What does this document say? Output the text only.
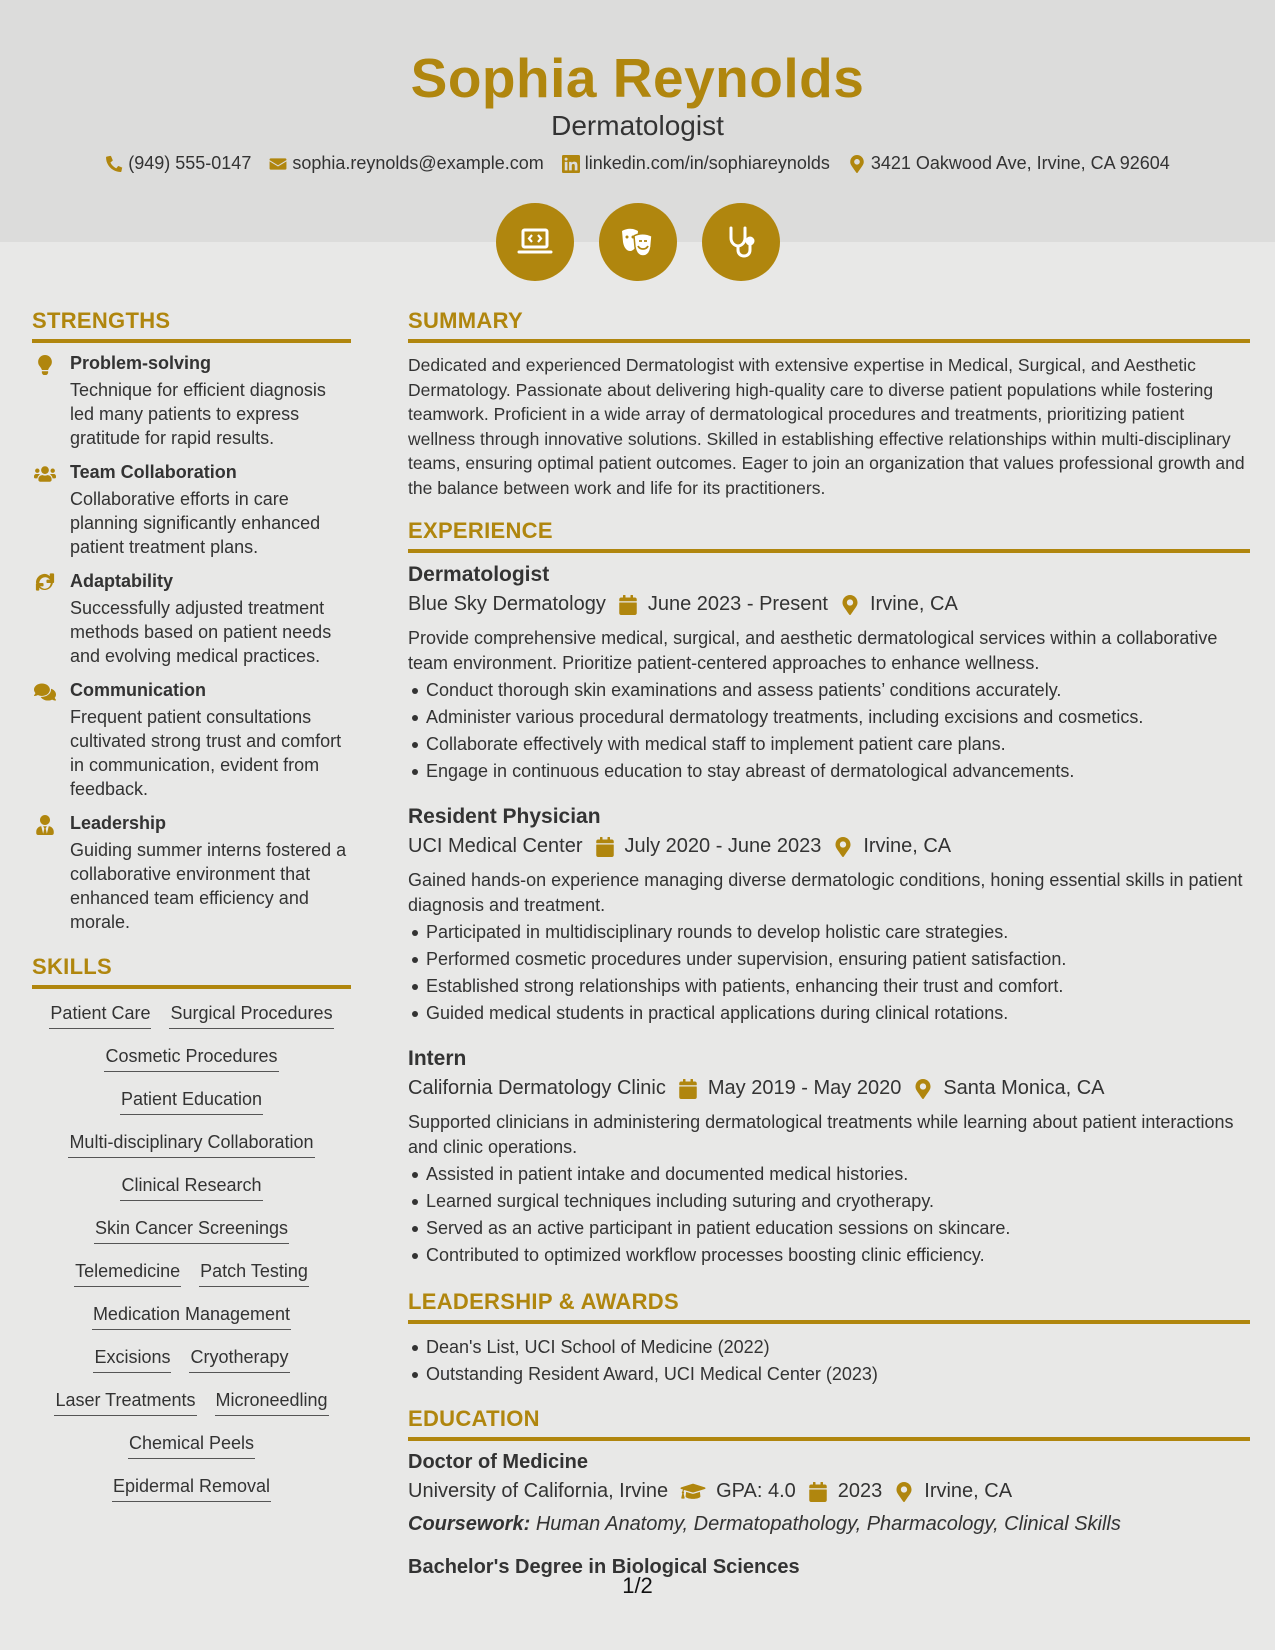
Sophia Reynolds
Dermatologist
(949) 555-0147 sophia.reynolds@example.com linkedin.com/in/sophiareynolds 3421 Oakwood Ave, Irvine, CA 92604
STRENGTHS
Problem-solving
Technique for efficient diagnosis led many patients to express gratitude for rapid results.
Team Collaboration
Collaborative efforts in care planning significantly enhanced patient treatment plans.
Adaptability
Successfully adjusted treatment methods based on patient needs and evolving medical practices.
Communication
Frequent patient consultations cultivated strong trust and comfort in communication, evident from feedback.
Leadership
Guiding summer interns fostered a collaborative environment that enhanced team efficiency and morale.
SKILLS
Patient Care Surgical Procedures
Cosmetic Procedures
Patient Education
Multi-disciplinary Collaboration
Clinical Research
Skin Cancer Screenings
Telemedicine Patch Testing
Medication Management
Excisions Cryotherapy
Laser Treatments Microneedling
Chemical Peels
Epidermal Removal
SUMMARY
Dedicated and experienced Dermatologist with extensive expertise in Medical, Surgical, and Aesthetic Dermatology. Passionate about delivering high-quality care to diverse patient populations while fostering teamwork. Proficient in a wide array of dermatological procedures and treatments, prioritizing patient wellness through innovative solutions. Skilled in establishing effective relationships within multi-disciplinary teams, ensuring optimal patient outcomes. Eager to join an organization that values professional growth and the balance between work and life for its practitioners.
EXPERIENCE
Dermatologist
Blue Sky Dermatology June 2023 - Present Irvine, CA
Provide comprehensive medical, surgical, and aesthetic dermatological services within a collaborative team environment. Prioritize patient-centered approaches to enhance wellness.
Conduct thorough skin examinations and assess patients’ conditions accurately.
Administer various procedural dermatology treatments, including excisions and cosmetics.
Collaborate effectively with medical staff to implement patient care plans.
Engage in continuous education to stay abreast of dermatological advancements.
Resident Physician
UCI Medical Center July 2020 - June 2023 Irvine, CA
Gained hands-on experience managing diverse dermatologic conditions, honing essential skills in patient diagnosis and treatment.
Participated in multidisciplinary rounds to develop holistic care strategies.
Performed cosmetic procedures under supervision, ensuring patient satisfaction.
Established strong relationships with patients, enhancing their trust and comfort.
Guided medical students in practical applications during clinical rotations.
Intern
California Dermatology Clinic May 2019 - May 2020 Santa Monica, CA
Supported clinicians in administering dermatological treatments while learning about patient interactions and clinic operations.
Assisted in patient intake and documented medical histories.
Learned surgical techniques including suturing and cryotherapy.
Served as an active participant in patient education sessions on skincare.
Contributed to optimized workflow processes boosting clinic efficiency.
LEADERSHIP & AWARDS
Dean's List, UCI School of Medicine (2022)
Outstanding Resident Award, UCI Medical Center (2023)
EDUCATION
Doctor of Medicine
University of California, Irvine GPA: 4.0 2023 Irvine, CA
Coursework: Human Anatomy, Dermatopathology, Pharmacology, Clinical Skills
Bachelor's Degree in Biological Sciences
1/2
